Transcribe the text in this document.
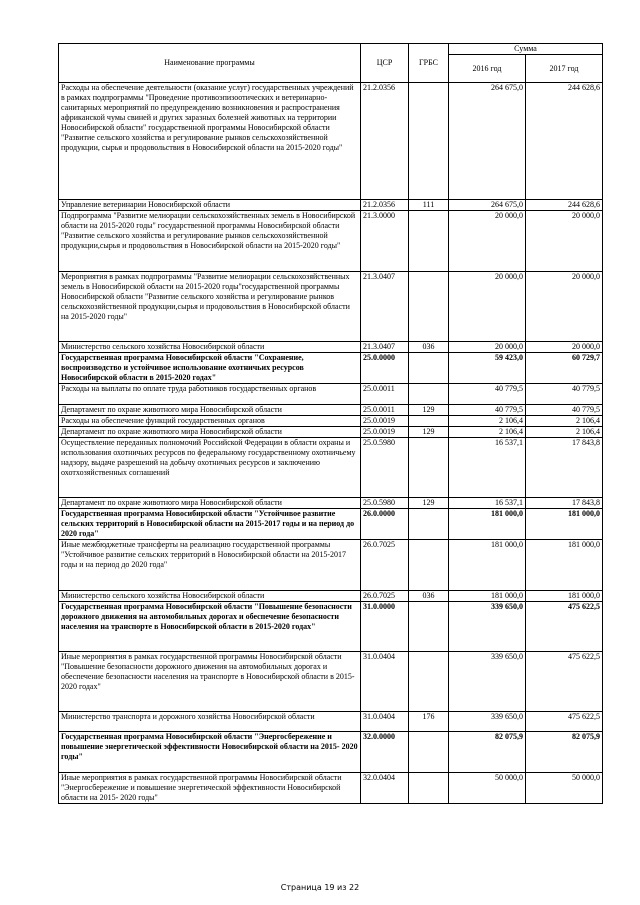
Наименование программы	ЦСР	ГРБС	Сумма	
			2016 год	2017 год
Расходы на обеспечение деятельности (оказание услуг) государственных учреждений в рамках подпрограммы "Проведение противоэпизоотических и ветеринарно-санитарных мероприятий по предупреждению возникновения и распространения африканской чумы свиней и других заразных болезней животных на территории Новосибирской области" государственной программы Новосибирской области "Развитие сельского хозяйства и регулирование рынков сельскохозяйственной продукции, сырья и продовольствия в Новосибирской области на 2015-2020 годы"	21.2.0356		264 675,0	244 628,6
Управление ветеринарии Новосибирской области	21.2.0356	111	264 675,0	244 628,6
Подпрограмма "Развитие мелиорации сельскохозяйственных земель в Новосибирской области на 2015-2020 годы" государственной программы Новосибирской области "Развитие сельского хозяйства и регулирование рынков сельскохозяйственной продукции,сырья и продовольствия в Новосибирской области на 2015-2020 годы"	21.3.0000		20 000,0	20 000,0
Мероприятия в рамках подпрограммы "Развитие мелиорации сельскохозяйственных земель в Новосибирской области на 2015-2020 годы"государственной программы Новосибирской области "Развитие сельского хозяйства и регулирование рынков сельскохозяйственной продукции,сырья и продовольствия в Новосибирской области на 2015-2020 годы"	21.3.0407		20 000,0	20 000,0
Министерство сельского хозяйства Новосибирской области	21.3.0407	036	20 000,0	20 000,0
Государственная программа Новосибирской области "Сохранение, воспроизводство и устойчивое использование охотничьих ресурсов Новосибирской области в 2015-2020 годах"	25.0.0000		59 423,0	60 729,7
Расходы на выплаты по оплате труда работников государственных органов	25.0.0011		40 779,5	40 779,5
Департамент по охране животного мира Новосибирской области	25.0.0011	129	40 779,5	40 779,5
Расходы на обеспечение функций государственных органов	25.0.0019		2 106,4	2 106,4
Департамент по охране животного мира Новосибирской области	25.0.0019	129	2 106,4	2 106,4
Осуществление переданных полномочий Российской Федерации в области охраны и использования охотничьих ресурсов по федеральному государственному охотничьему надзору, выдаче разрешений на добычу охотничьих ресурсов и заключению охотхозяйственных соглашений	25.0.5980		16 537,1	17 843,8
Департамент по охране животного мира Новосибирской области	25.0.5980	129	16 537,1	17 843,8
Государственная программа Новосибирской области "Устойчивое развитие сельских территорий в Новосибирской области на 2015-2017 годы и на период до 2020 года"	26.0.0000		181 000,0	181 000,0
Иные межбюджетные трансферты на реализацию государственной программы "Устойчивое развитие сельских территорий в Новосибирской области на 2015-2017 годы и на период до 2020 года"	26.0.7025		181 000,0	181 000,0
Министерство сельского хозяйства Новосибирской области	26.0.7025	036	181 000,0	181 000,0
Государственная программа Новосибирской области "Повышение безопасности дорожного движения на автомобильных дорогах и обеспечение безопасности населения на транспорте в Новосибирской области в 2015-2020 годах"	31.0.0000		339 650,0	475 622,5
Иные мероприятия в рамках государственной программы Новосибирской области "Повышение безопасности дорожного движения на автомобильных дорогах и обеспечение безопасности населения на транспорте в Новосибирской области в 2015-2020 годах"	31.0.0404		339 650,0	475 622,5
Министерство транспорта и дорожного хозяйства Новосибирской области	31.0.0404	176	339 650,0	475 622,5
Государственная программа Новосибирской области "Энергосбережение и повышение энергетической эффективности Новосибирской области на 2015- 2020 годы"	32.0.0000		82 075,9	82 075,9
Иные мероприятия в рамках государственной программы Новосибирской области "Энергосбережение и повышение энергетической эффективности Новосибирской области на 2015- 2020 годы"	32.0.0404		50 000,0	50 000,0
Страница 19 из 22
